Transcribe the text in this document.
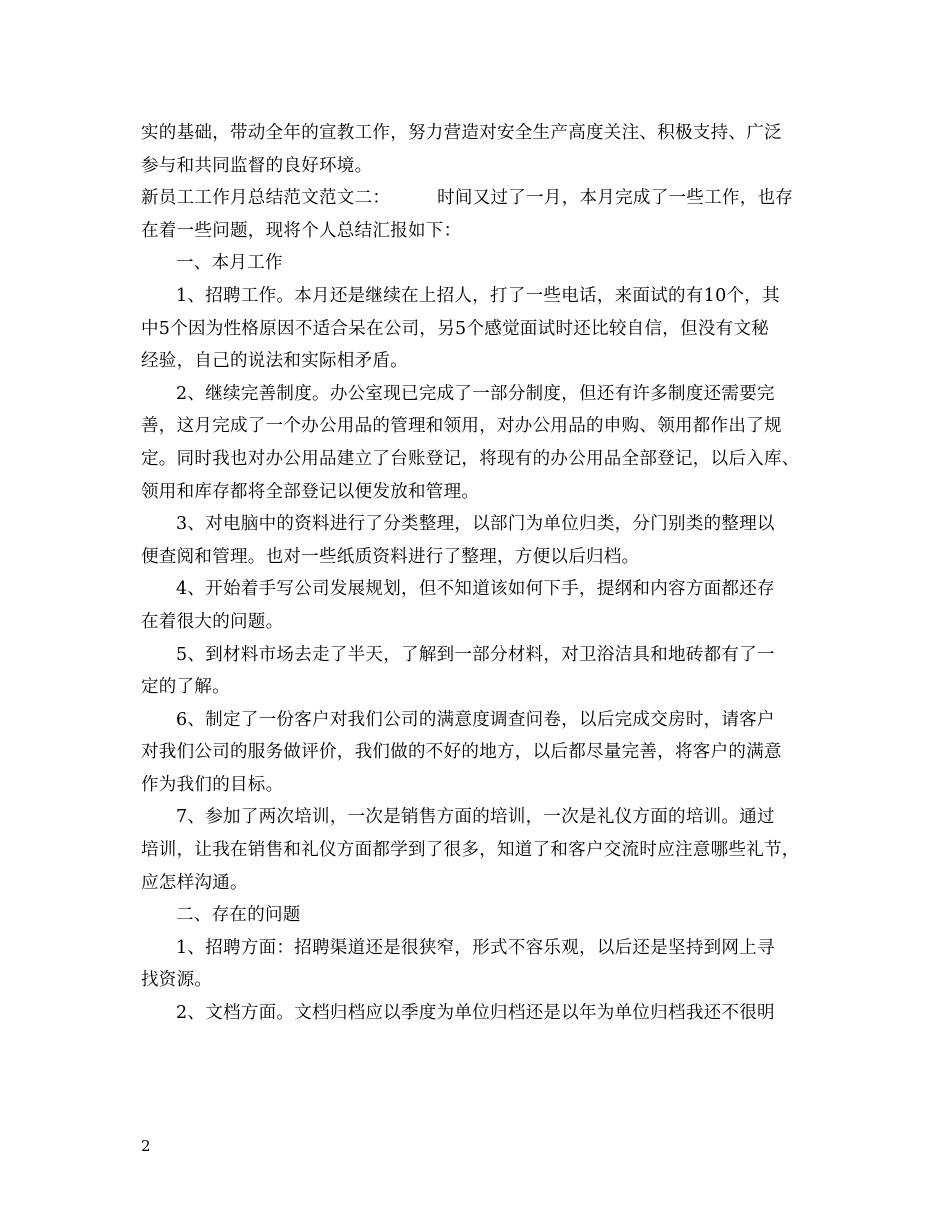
实的基础，带动全年的宣教工作，努力营造对安全生产高度关注、积极支持、广泛
参与和共同监督的良好环境。
新员工工作月总结范文范文二：        时间又过了一月，本月完成了一些工作，也存
在着一些问题，现将个人总结汇报如下：
一、本月工作
1、招聘工作。本月还是继续在上招人，打了一些电话，来面试的有10个，其
中5个因为性格原因不适合呆在公司，另5个感觉面试时还比较自信，但没有文秘
经验，自己的说法和实际相矛盾。
2、继续完善制度。办公室现已完成了一部分制度，但还有许多制度还需要完
善，这月完成了一个办公用品的管理和领用，对办公用品的申购、领用都作出了规
定。同时我也对办公用品建立了台账登记，将现有的办公用品全部登记，以后入库、
领用和库存都将全部登记以便发放和管理。
3、对电脑中的资料进行了分类整理，以部门为单位归类，分门别类的整理以
便查阅和管理。也对一些纸质资料进行了整理，方便以后归档。
4、开始着手写公司发展规划，但不知道该如何下手，提纲和内容方面都还存
在着很大的问题。
5、到材料市场去走了半天，了解到一部分材料，对卫浴洁具和地砖都有了一
定的了解。
6、制定了一份客户对我们公司的满意度调查问卷，以后完成交房时，请客户
对我们公司的服务做评价，我们做的不好的地方，以后都尽量完善，将客户的满意
作为我们的目标。
7、参加了两次培训，一次是销售方面的培训，一次是礼仪方面的培训。通过
培训，让我在销售和礼仪方面都学到了很多，知道了和客户交流时应注意哪些礼节，
应怎样沟通。
二、存在的问题
1、招聘方面：招聘渠道还是很狭窄，形式不容乐观，以后还是坚持到网上寻
找资源。
2、文档方面。文档归档应以季度为单位归档还是以年为单位归档我还不很明
2
